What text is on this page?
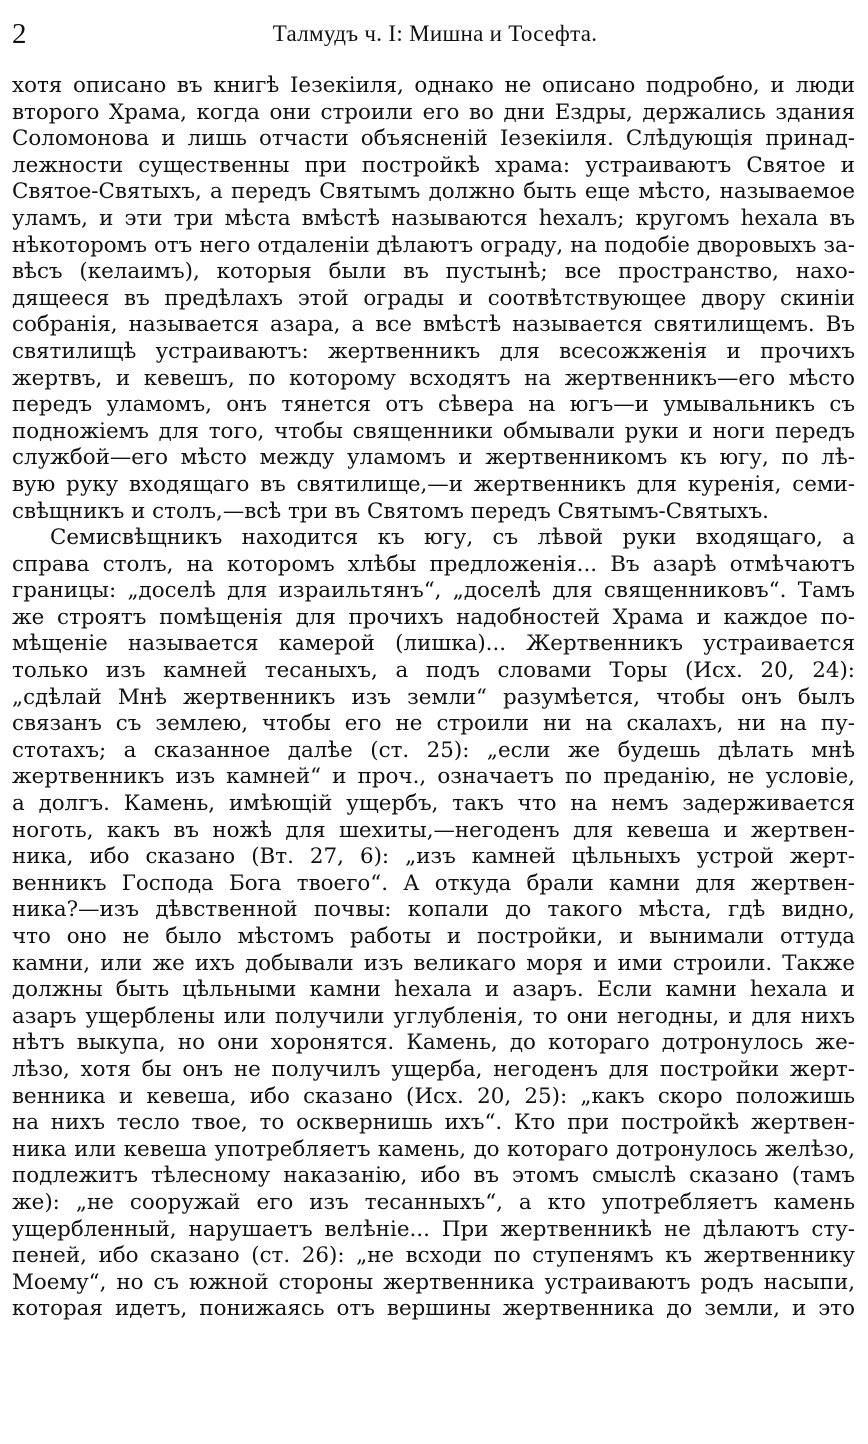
2	Талмудъ ч. I: Мишна и Тосефта.
хотя описано въ книгѣ Iезекiиля, однако не описано подробно, и люди
второго Храма, когда они строили его во дни Ездры, держались здания
Соломонова и лишь отчасти объясненiй Iезекiиля. Слѣдующiя принад-
лежности существенны при постройкѣ храма: устраиваютъ Святое и
Святое-Святыхъ, а передъ Святымъ должно быть еще мѣсто, называемое
уламъ, и эти три мѣста вмѣстѣ называются hехалъ; кругомъ hехала въ
нѣкоторомъ отъ него отдаленiи дѣлаютъ ограду, на подобiе дворовыхъ за-
вѣсъ (келаимъ), которыя были въ пустынѣ; все пространство, нахо-
дящееся въ предѣлахъ этой ограды и соотвѣтствующее двору скинiи
собранiя, называется азара, а все вмѣстѣ называется святилищемъ. Въ
святилищѣ устраиваютъ: жертвенникъ для всесожженiя и прочихъ
жертвъ, и кевешъ, по которому всходятъ на жертвенникъ—его мѣсто
передъ уламомъ, онъ тянется отъ сѣвера на югъ—и умывальникъ съ
подножiемъ для того, чтобы священники обмывали руки и ноги передъ
службой—его мѣсто между уламомъ и жертвенникомъ къ югу, по лѣ-
вую руку входящаго въ святилище,—и жертвенникъ для куренiя, семи-
свѣщникъ и столъ,—всѣ три въ Святомъ передъ Святымъ-Святыхъ.
Семисвѣщникъ находится къ югу, съ лѣвой руки входящаго, а
справа столъ, на которомъ хлѣбы предложенiя... Въ азарѣ отмѣчаютъ
границы: „доселѣ для израильтянъ“, „доселѣ для священниковъ“. Тамъ
же строятъ помѣщенiя для прочихъ надобностей Храма и каждое по-
мѣщенiе называется камерой (лишка)... Жертвенникъ устраивается
только изъ камней тесаныхъ, а подъ словами Торы (Исх. 20, 24):
„сдѣлай Мнѣ жертвенникъ изъ земли“ разумѣется, чтобы онъ былъ
связанъ съ землею, чтобы его не строили ни на скалахъ, ни на пу-
стотахъ; а сказанное далѣе (ст. 25): „если же будешь дѣлать мнѣ
жертвенникъ изъ камней“ и проч., означаетъ по преданiю, не условiе,
а долгъ. Камень, имѣющiй ущербъ, такъ что на немъ задерживается
ноготь, какъ въ ножѣ для шехиты,—негоденъ для кевеша и жертвен-
ника, ибо сказано (Вт. 27, 6): „изъ камней цѣльныхъ устрой жерт-
венникъ Господа Бога твоего“. А откуда брали камни для жертвен-
ника?—изъ дѣвственной почвы: копали до такого мѣста, гдѣ видно,
что оно не было мѣстомъ работы и постройки, и вынимали оттуда
камни, или же ихъ добывали изъ великаго моря и ими строили. Также
должны быть цѣльными камни hехала и азаръ. Если камни hехала и
азаръ ущерблены или получили углубленiя, то они негодны, и для нихъ
нѣтъ выкупа, но они хоронятся. Камень, до котораго дотронулось же-
лѣзо, хотя бы онъ не получилъ ущерба, негоденъ для постройки жерт-
венника и кевеша, ибо сказано (Исх. 20, 25): „какъ скоро положишь
на нихъ тесло твое, то осквернишь ихъ“. Кто при постройкѣ жертвен-
ника или кевеша употребляетъ камень, до котораго дотронулось желѣзо,
подлежитъ тѣлесному наказанiю, ибо въ этомъ смыслѣ сказано (тамъ
же): „не сооружай его изъ тесанныхъ“, а кто употребляетъ камень
ущербленный, нарушаетъ велѣнiе... При жертвенникѣ не дѣлаютъ сту-
пеней, ибо сказано (ст. 26): „не всходи по ступенямъ къ жертвеннику
Моему“, но съ южной стороны жертвенника устраиваютъ родъ насыпи,
которая идетъ, понижаясь отъ вершины жертвенника до земли, и это
